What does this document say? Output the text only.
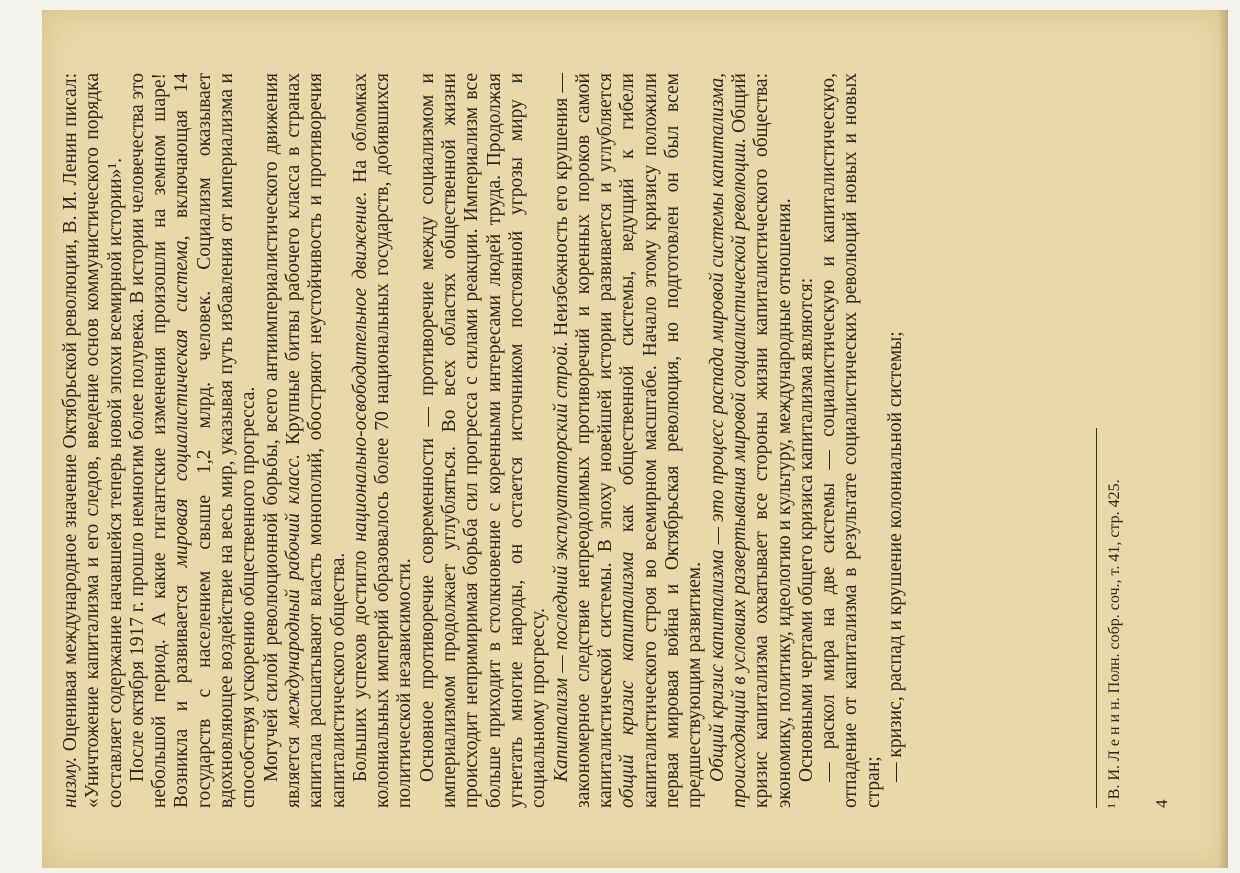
низму. Оценивая международное значение Октябрьской революции, В. И. Ленин писал: «Уничтожение капитализма и его следов, введение основ коммунистического порядка составляет содержание начавшейся теперь новой эпохи всемирной истории»¹. После октября 1917 г. прошло немногим более полувека. В истории человечества это небольшой период. А какие гигантские изменения произошли на земном шаре! Возникла и развивается мировая социалистическая система, включающая 14 государств с населением свыше 1,2 млрд. человек. Социализм оказывает вдохновляющее воздействие на весь мир, указывая путь избавления от империализма и способствуя ускорению общественного прогресса. Могучей силой революционной борьбы, всего антиимпериалистического движения является международный рабочий класс. Крупные битвы рабочего класса в странах капитала расшатывают власть монополий, обостряют неустойчивость и противоречия капиталистического общества. Больших успехов достигло национально-освободительное движение. На обломках колониальных империй образовалось более 70 национальных государств, добившихся политической независимости. Основное противоречие современности — противоречие между социализмом и империализмом продолжает углубляться. Во всех областях общественной жизни происходит непримиримая борьба сил прогресса с силами реакции. Империализм все больше приходит в столкновение с коренными интересами людей труда. Продолжая угнетать многие народы, он остается источником постоянной угрозы миру и социальному прогрессу. Капитализм — последний эксплуататорский строй. Неизбежность его крушения — закономерное следствие непреодолимых противоречий и коренных пороков самой капиталистической системы. В эпоху новейшей истории развивается и углубляется общий кризис капитализма как общественной системы, ведущий к гибели капиталистического строя во всемирном масштабе. Начало этому кризису положили первая мировая война и Октябрьская революция, но подготовлен он был всем предшествующим развитием. Общий кризис капитализма — это процесс распада мировой системы капитализма, происходящий в условиях развертывания мировой социалистической революции. Общий кризис капитализма охватывает все стороны жизни капиталистического общества: экономику, политику, идеологию и культуру, международные отношения. Основными чертами общего кризиса капитализма являются: — раскол мира на две системы — социалистическую и капиталистическую, отпадение от капитализма в результате социалистических революций новых и новых стран;

— кризис, распад и крушение колониальной системы;	¹ В. И. Л е н и н. Полн. собр. соч., т. 41, стр. 425. 4
